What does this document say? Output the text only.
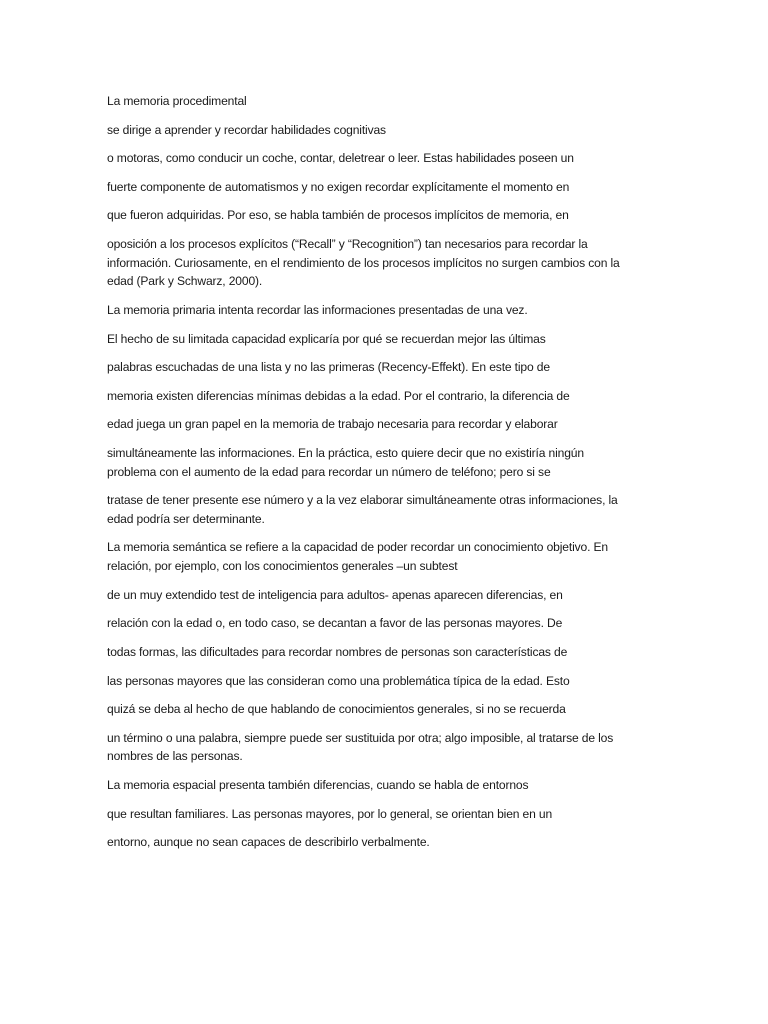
La memoria procedimental
se dirige a aprender y recordar habilidades cognitivas
o motoras, como conducir un coche, contar, deletrear o leer. Estas habilidades poseen un
fuerte componente de automatismos y no exigen recordar explícitamente el momento en
que fueron adquiridas. Por eso, se habla también de procesos implícitos de memoria, en
oposición a los procesos explícitos (“Recall” y “Recognition”) tan necesarios para recordar la
información. Curiosamente, en el rendimiento de los procesos implícitos no surgen cambios con la
edad (Park y Schwarz, 2000).
La memoria primaria intenta recordar las informaciones presentadas de una vez.
El hecho de su limitada capacidad explicaría por qué se recuerdan mejor las últimas
palabras escuchadas de una lista y no las primeras (Recency-Effekt). En este tipo de
memoria existen diferencias mínimas debidas a la edad. Por el contrario, la diferencia de
edad juega un gran papel en la memoria de trabajo necesaria para recordar y elaborar
simultáneamente las informaciones. En la práctica, esto quiere decir que no existiría ningún
problema con el aumento de la edad para recordar un número de teléfono; pero si se
tratase de tener presente ese número y a la vez elaborar simultáneamente otras informaciones, la
edad podría ser determinante.
La memoria semántica se refiere a la capacidad de poder recordar un conocimiento objetivo. En
relación, por ejemplo, con los conocimientos generales –un subtest
de un muy extendido test de inteligencia para adultos- apenas aparecen diferencias, en
relación con la edad o, en todo caso, se decantan a favor de las personas mayores. De
todas formas, las dificultades para recordar nombres de personas son características de
las personas mayores que las consideran como una problemática típica de la edad. Esto
quizá se deba al hecho de que hablando de conocimientos generales, si no se recuerda
un término o una palabra, siempre puede ser sustituida por otra; algo imposible, al tratarse de los
nombres de las personas.
La memoria espacial presenta también diferencias, cuando se habla de entornos
que resultan familiares. Las personas mayores, por lo general, se orientan bien en un
entorno, aunque no sean capaces de describirlo verbalmente.
